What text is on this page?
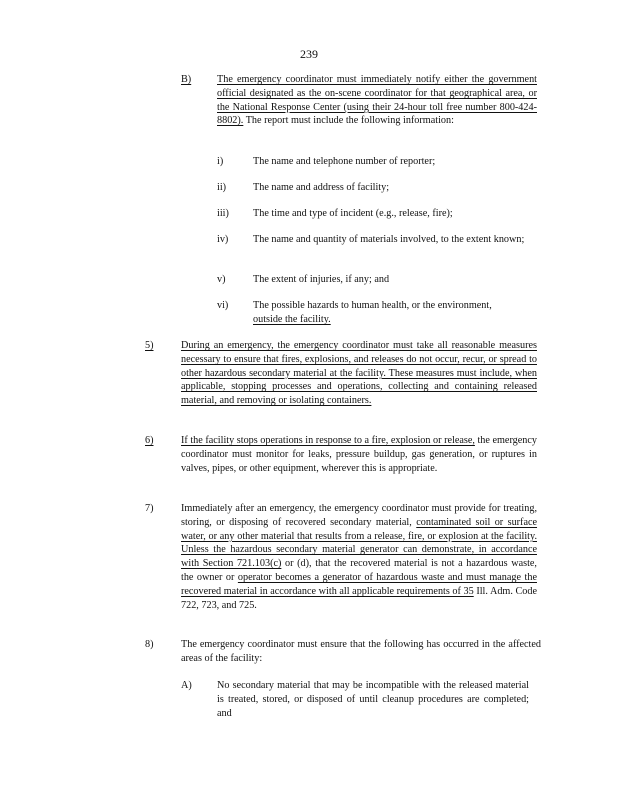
239
B)	The emergency coordinator must immediately notify either the government official designated as the on-scene coordinator for that geographical area, or the National Response Center (using their 24-hour toll free number 800-424-8802). The report must include the following information:
i)	The name and telephone number of reporter;
ii)	The name and address of facility;
iii) The time and type of incident (e.g., release, fire);
iv) The name and quantity of materials involved, to the extent known;
v)	The extent of injuries, if any; and
vi) The possible hazards to human health, or the environment,
outside the facility.
5)	During an emergency, the emergency coordinator must take all reasonable measures necessary to ensure that fires, explosions, and releases do not occur, recur, or spread to other hazardous secondary material at the facility. These measures must include, when applicable, stopping processes and operations, collecting and containing released material, and removing or isolating containers.
6)	If the facility stops operations in response to a fire, explosion or release, the emergency coordinator must monitor for leaks, pressure buildup, gas generation, or ruptures in valves, pipes, or other equipment, wherever this is appropriate.
7)	Immediately after an emergency, the emergency coordinator must provide for treating, storing, or disposing of recovered secondary material, contaminated soil or surface water, or any other material that results from a release, fire, or explosion at the facility. Unless the hazardous secondary material generator can demonstrate, in accordance with Section 721.103(c) or (d), that the recovered material is not a hazardous waste, the owner or operator becomes a generator of hazardous waste and must manage the recovered material in accordance with all applicable requirements of 35 Ill. Adm. Code 722, 723, and 725.
8)	The emergency coordinator must ensure that the following has occurred in the affected areas of the facility:
A) No secondary material that may be incompatible with the released material is treated, stored, or disposed of until cleanup procedures are completed; and
